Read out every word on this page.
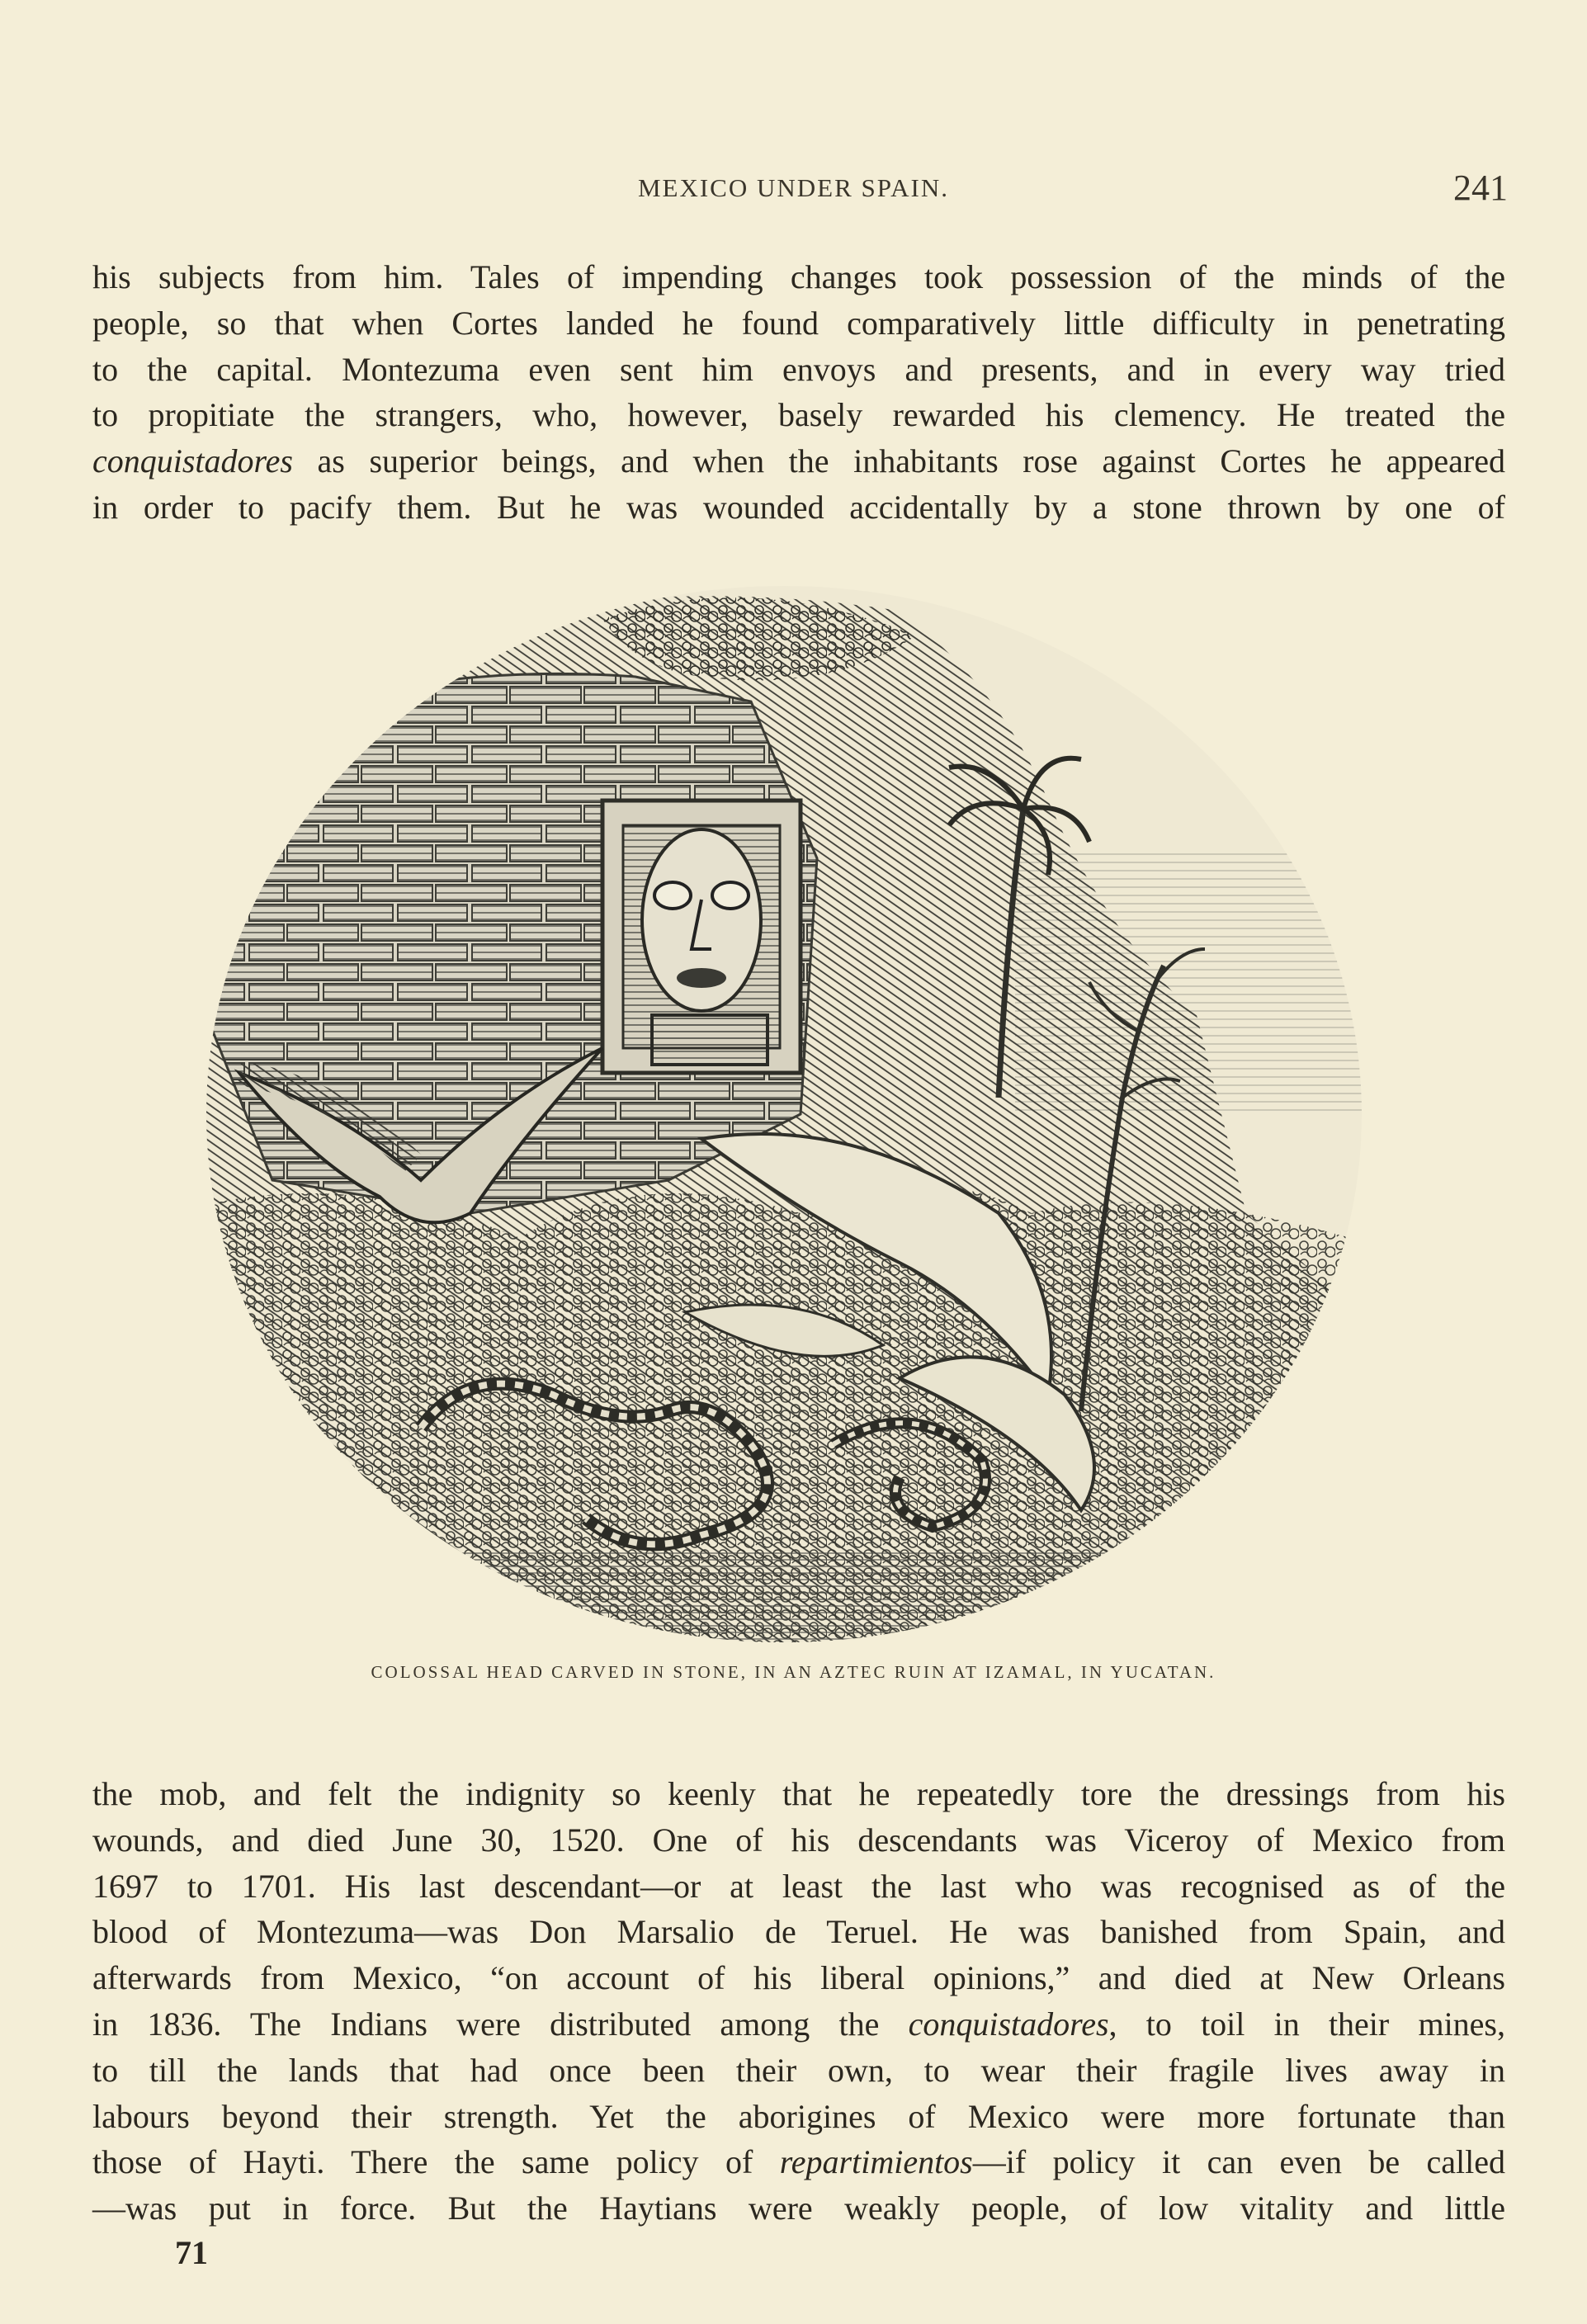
MEXICO UNDER SPAIN.	241
his subjects from him. Tales of impending changes took possession of the minds of the
people, so that when Cortes landed he found comparatively little difficulty in penetrating
to the capital. Montezuma even sent him envoys and presents, and in every way tried
to propitiate the strangers, who, however, basely rewarded his clemency. He treated the
conquistadores as superior beings, and when the inhabitants rose against Cortes he appeared
in order to pacify them. But he was wounded accidentally by a stone thrown by one of
COLOSSAL HEAD CARVED IN STONE, IN AN AZTEC RUIN AT IZAMAL, IN YUCATAN.
the mob, and felt the indignity so keenly that he repeatedly tore the dressings from his
wounds, and died June 30, 1520. One of his descendants was Viceroy of Mexico from
1697 to 1701. His last descendant—or at least the last who was recognised as of the
blood of Montezuma—was Don Marsalio de Teruel. He was banished from Spain, and
afterwards from Mexico, “on account of his liberal opinions,” and died at New Orleans
in 1836. The Indians were distributed among the conquistadores, to toil in their mines,
to till the lands that had once been their own, to wear their fragile lives away in
labours beyond their strength. Yet the aborigines of Mexico were more fortunate than
those of Hayti. There the same policy of repartimientos—if policy it can even be called
—was put in force. But the Haytians were weakly people, of low vitality and little
71
